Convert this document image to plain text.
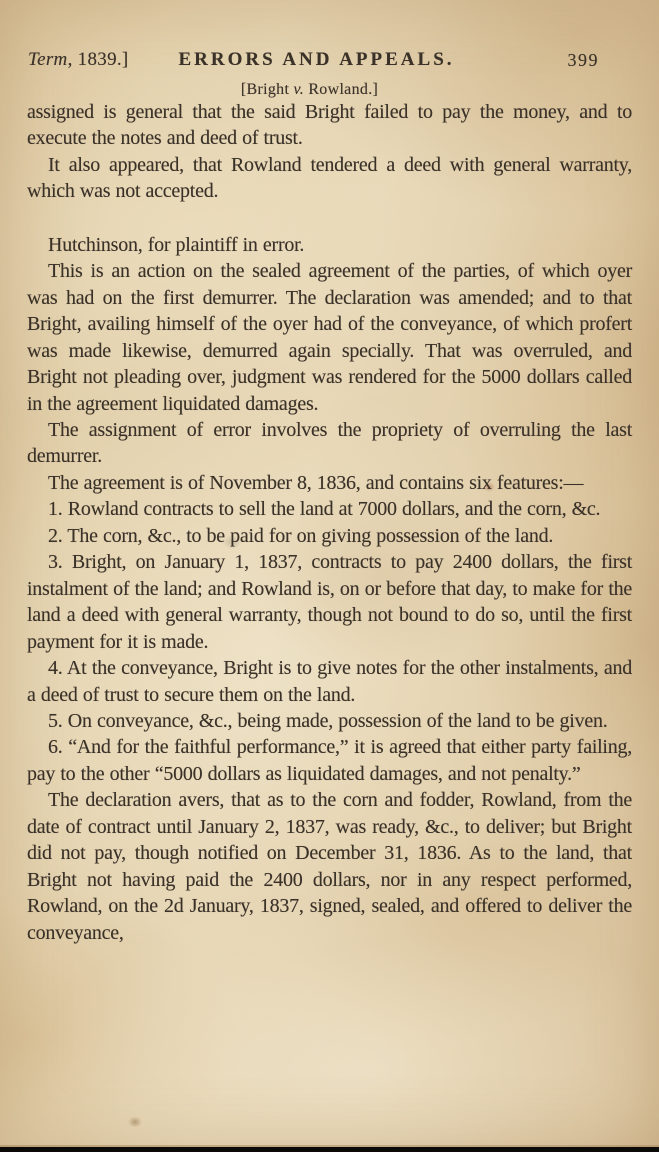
Term, 1839.]	ERRORS AND APPEALS.	399
[Bright v. Rowland.]

assigned is general that the said Bright failed to pay the money, and to execute the notes and deed of trust.

It also appeared, that Rowland tendered a deed with general warranty, which was not accepted.

Hutchinson, for plaintiff in error.

This is an action on the sealed agreement of the parties, of which oyer was had on the first demurrer. The declaration was amended; and to that Bright, availing himself of the oyer had of the conveyance, of which profert was made likewise, demurred again specially. That was overruled, and Bright not pleading over, judgment was rendered for the 5000 dollars called in the agreement liquidated damages.

The assignment of error involves the propriety of overruling the last demurrer.

The agreement is of November 8, 1836, and contains six features:—

1. Rowland contracts to sell the land at 7000 dollars, and the corn, &c.

2. The corn, &c., to be paid for on giving possession of the land.

3. Bright, on January 1, 1837, contracts to pay 2400 dollars, the first instalment of the land; and Rowland is, on or before that day, to make for the land a deed with general warranty, though not bound to do so, until the first payment for it is made.

4. At the conveyance, Bright is to give notes for the other instalments, and a deed of trust to secure them on the land.

5. On conveyance, &c., being made, possession of the land to be given.

6. “And for the faithful performance,” it is agreed that either party failing, pay to the other “5000 dollars as liquidated damages, and not penalty.”

The declaration avers, that as to the corn and fodder, Rowland, from the date of contract until January 2, 1837, was ready, &c., to deliver; but Bright did not pay, though notified on December 31, 1836. As to the land, that Bright not having paid the 2400 dollars, nor in any respect performed, Rowland, on the 2d January, 1837, signed, sealed, and offered to deliver the conveyance,
